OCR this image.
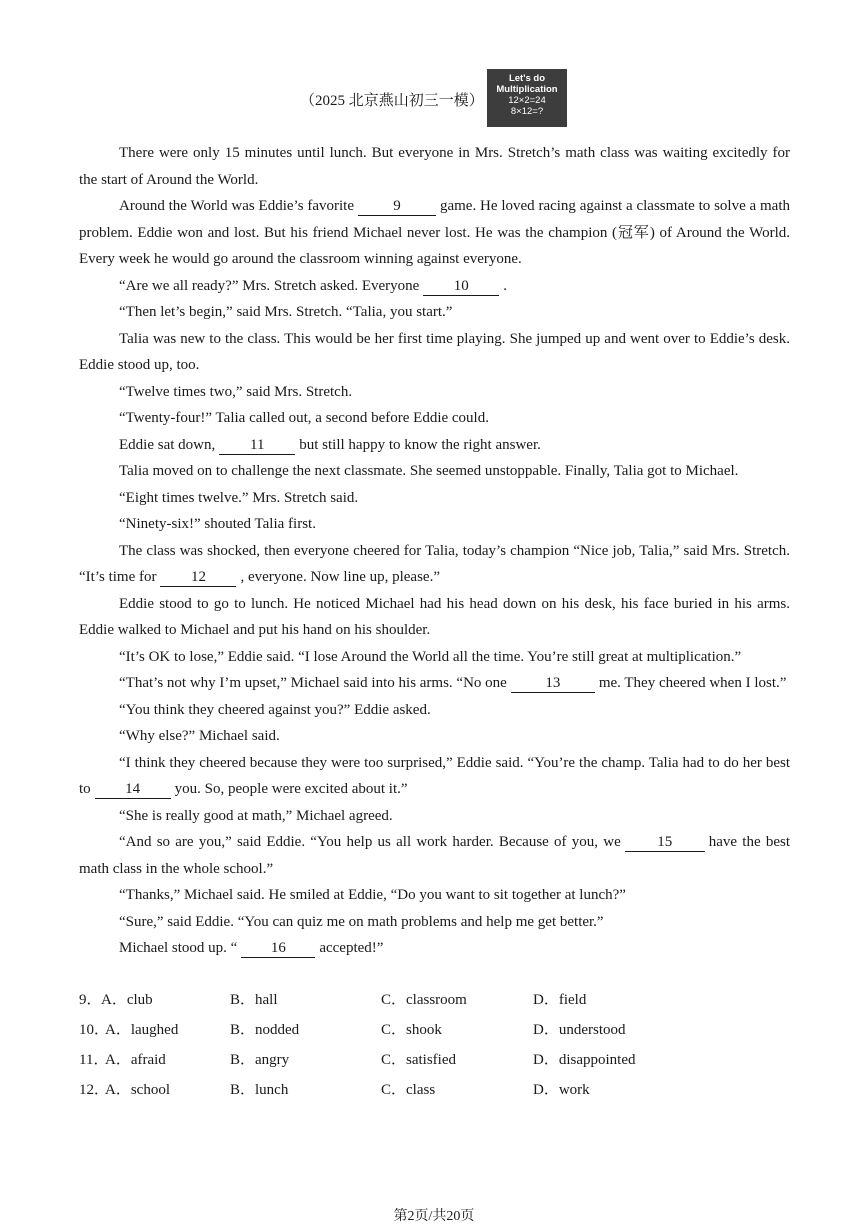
（2025 北京燕山初三一模）
Let's do
Multiplication
12×2=24
8×12=?

There were only 15 minutes until lunch. But everyone in Mrs. Stretch’s math class was waiting excitedly for the start of Around the World.

Around the World was Eddie’s favorite	9	game. He loved racing against a classmate to solve a math problem. Eddie won and lost. But his friend Michael never lost. He was the champion (冠军) of Around the World. Every week he would go around the classroom winning against everyone.

“Are we all ready?” Mrs. Stretch asked. Everyone 10 .

“Then let’s begin,” said Mrs. Stretch. “Talia, you start.”

Talia was new to the class. This would be her first time playing. She jumped up and went over to Eddie’s desk. Eddie stood up, too.

“Twelve times two,” said Mrs. Stretch.

“Twenty-four!” Talia called out, a second before Eddie could.

Eddie sat down, 11 but still happy to know the right answer.

Talia moved on to challenge the next classmate. She seemed unstoppable. Finally, Talia got to Michael.

“Eight times twelve.” Mrs. Stretch said.

“Ninety-six!” shouted Talia first.

The class was shocked, then everyone cheered for Talia, today’s champion “Nice job, Talia,” said Mrs. Stretch. “It’s time for 12 , everyone. Now line up, please.”

Eddie stood to go to lunch. He noticed Michael had his head down on his desk, his face buried in his arms. Eddie walked to Michael and put his hand on his shoulder.

“It’s OK to lose,” Eddie said. “I lose Around the World all the time. You’re still great at multiplication.”

“That’s not why I’m upset,” Michael said into his arms. “No one	13	me. They cheered when I lost.”

“You think they cheered against you?” Eddie asked.

“Why else?” Michael said.

“I think they cheered because they were too surprised,” Eddie said. “You’re the champ. Talia had to do her best to 14 you. So, people were excited about it.”

“She is really good at math,” Michael agreed.

“And so are you,” said Eddie. “You help us all work harder. Because of you, we 15 have the best math class in the whole school.”

“Thanks,” Michael said. He smiled at Eddie, “Do you want to sit together at lunch?”

“Sure,” said Eddie. “You can quiz me on math problems and help me get better.”

Michael stood up. “ 16 accepted!”

9． A．club	B．hall	C．classroom	D．field
10．
A．laughed	B．nodded	C．shook	D．understood
11．
A．afraid	B．angry	C．satisfied	D．disappointed
12．
A．school	B．lunch	C．class	D．work
第2页/共20页
